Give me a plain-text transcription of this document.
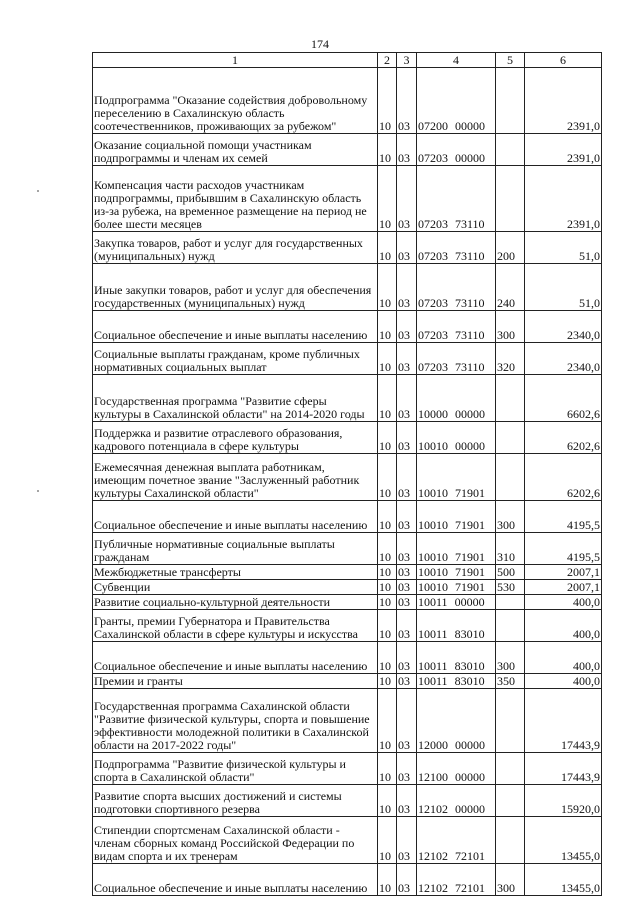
174
1	2	3	4	5	6
Подпрограмма "Оказание содействия добровольному переселению в Сахалинскую область соотечественников, проживающих за рубежом"	10	03	07200 00000		2391,0
Оказание социальной помощи участникам подпрограммы и членам их семей	10	03	07203 00000		2391,0
Компенсация части расходов участникам подпрограммы, прибывшим в Сахалинскую область из-за рубежа, на временное размещение на период не более шести месяцев	10	03	07203 73110		2391,0
Закупка товаров, работ и услуг для государственных (муниципальных) нужд	10	03	07203 73110	200	51,0
Иные закупки товаров, работ и услуг для обеспечения государственных (муниципальных) нужд	10	03	07203 73110	240	51,0
Социальное обеспечение и иные выплаты населению	10	03	07203 73110	300	2340,0
Социальные выплаты гражданам, кроме публичных нормативных социальных выплат	10	03	07203 73110	320	2340,0
Государственная программа "Развитие сферы культуры в Сахалинской области" на 2014-2020 годы	10	03	10000 00000		6602,6
Поддержка и развитие отраслевого образования, кадрового потенциала в сфере культуры	10	03	10010 00000		6202,6
Ежемесячная денежная выплата работникам, имеющим почетное звание "Заслуженный работник культуры Сахалинской области"	10	03	10010 71901		6202,6
Социальное обеспечение и иные выплаты населению	10	03	10010 71901	300	4195,5
Публичные нормативные социальные выплаты гражданам	10	03	10010 71901	310	4195,5
Межбюджетные трансферты	10	03	10010 71901	500	2007,1
Субвенции	10	03	10010 71901	530	2007,1
Развитие социально-культурной деятельности	10	03	10011 00000		400,0
Гранты, премии Губернатора и Правительства Сахалинской области в сфере культуры и искусства	10	03	10011 83010		400,0
Социальное обеспечение и иные выплаты населению	10	03	10011 83010	300	400,0
Премии и гранты	10	03	10011 83010	350	400,0
Государственная программа Сахалинской области "Развитие физической культуры, спорта и повышение эффективности молодежной политики в Сахалинской области на 2017-2022 годы"	10	03	12000 00000		17443,9
Подпрограмма "Развитие физической культуры и спорта в Сахалинской области"	10	03	12100 00000		17443,9
Развитие спорта высших достижений и системы подготовки спортивного резерва	10	03	12102 00000		15920,0
Стипендии спортсменам Сахалинской области - членам сборных команд Российской Федерации по видам спорта и их тренерам	10	03	12102 72101		13455,0
Социальное обеспечение и иные выплаты населению	10	03	12102 72101	300	13455,0
